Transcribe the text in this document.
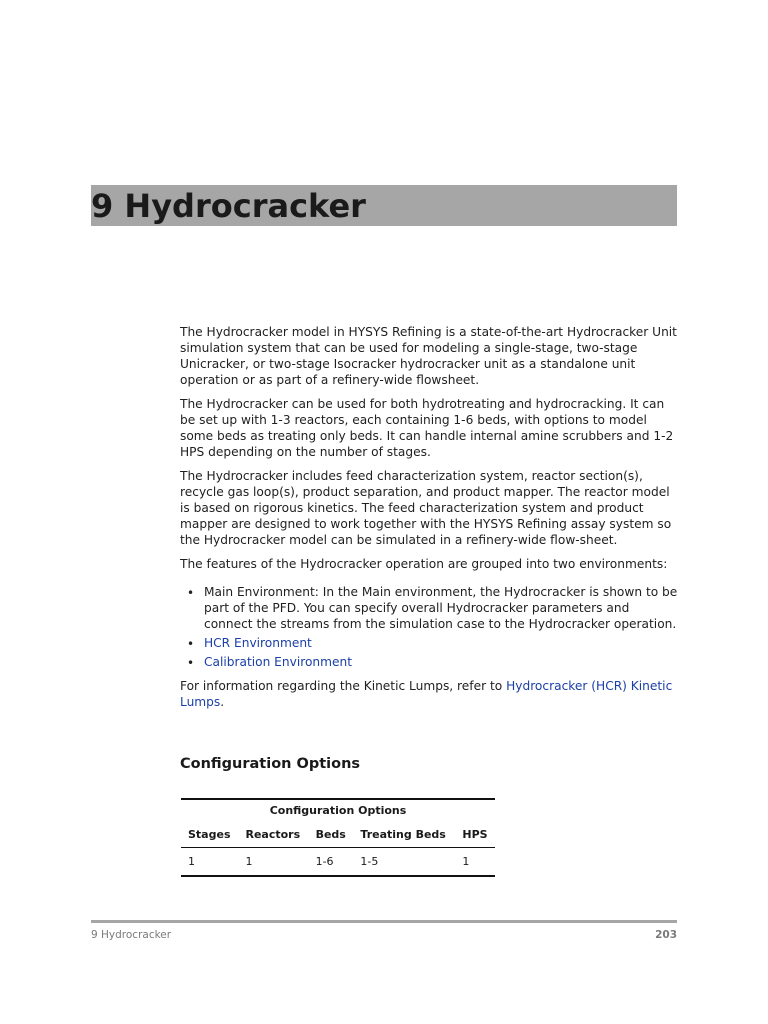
9 Hydrocracker

The Hydrocracker model in HYSYS Refining is a state-of-the-art Hydrocracker Unit simulation system that can be used for modeling a single-stage, two-stage Unicracker, or two-stage Isocracker hydrocracker unit as a standalone unit operation or as part of a refinery-wide flowsheet.

The Hydrocracker can be used for both hydrotreating and hydrocracking. It can be set up with 1-3 reactors, each containing 1-6 beds, with options to model some beds as treating only beds. It can handle internal amine scrubbers and 1-2 HPS depending on the number of stages.

The Hydrocracker includes feed characterization system, reactor section(s), recycle gas loop(s), product separation, and product mapper. The reactor model is based on rigorous kinetics. The feed characterization system and product mapper are designed to work together with the HYSYS Refining assay system so the Hydrocracker model can be simulated in a refinery-wide flow-sheet.

The features of the Hydrocracker operation are grouped into two environments:

• Main Environment: In the Main environment, the Hydrocracker is shown to be part of the PFD. You can specify overall Hydrocracker parameters and connect the streams from the simulation case to the Hydrocracker operation.
• HCR Environment
• Calibration Environment

For information regarding the Kinetic Lumps, refer to Hydrocracker (HCR) Kinetic Lumps.

Configuration Options
Configuration Options
Stages	Reactors	Beds	Treating Beds	HPS
1	1	1-6	1-5	1
9 Hydrocracker	203
